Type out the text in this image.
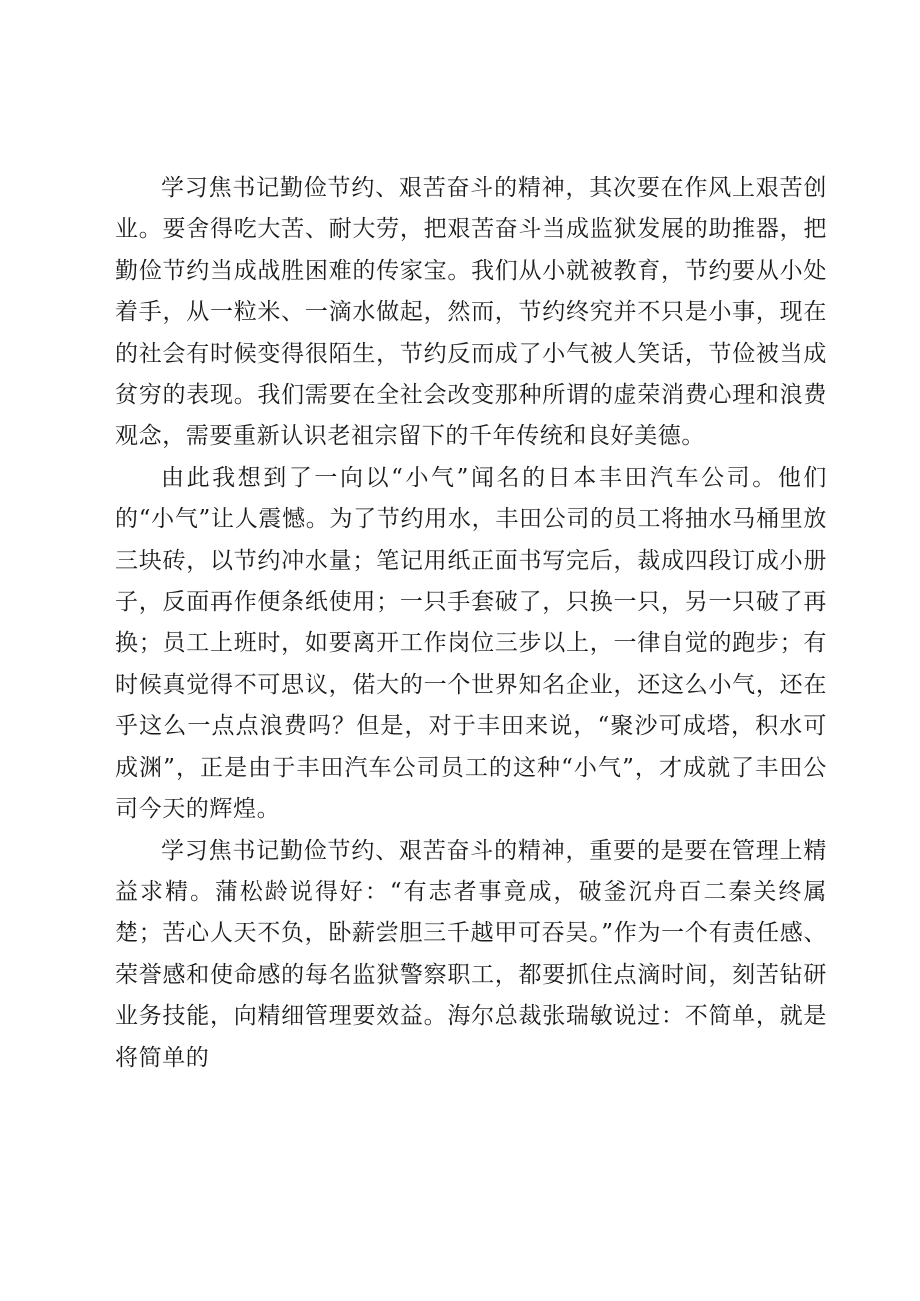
学习焦书记勤俭节约、艰苦奋斗的精神，其次要在作风上艰苦创业。要舍得吃大苦、耐大劳，把艰苦奋斗当成监狱发展的助推器，把勤俭节约当成战胜困难的传家宝。我们从小就被教育，节约要从小处着手，从一粒米、一滴水做起，然而，节约终究并不只是小事，现在的社会有时候变得很陌生，节约反而成了小气被人笑话，节俭被当成贫穷的表现。我们需要在全社会改变那种所谓的虚荣消费心理和浪费观念，需要重新认识老祖宗留下的千年传统和良好美德。

由此我想到了一向以“小气”闻名的日本丰田汽车公司。他们的“小气”让人震憾。为了节约用水，丰田公司的员工将抽水马桶里放三块砖，以节约冲水量；笔记用纸正面书写完后，裁成四段订成小册子，反面再作便条纸使用；一只手套破了，只换一只，另一只破了再换；员工上班时，如要离开工作岗位三步以上，一律自觉的跑步；有时候真觉得不可思议，偌大的一个世界知名企业，还这么小气，还在乎这么一点点浪费吗？但是，对于丰田来说，“聚沙可成塔，积水可成渊”，正是由于丰田汽车公司员工的这种“小气”，才成就了丰田公司今天的辉煌。

学习焦书记勤俭节约、艰苦奋斗的精神，重要的是要在管理上精益求精。蒲松龄说得好：“有志者事竟成，破釜沉舟百二秦关终属楚；苦心人天不负，卧薪尝胆三千越甲可吞吴。”作为一个有责任感、荣誉感和使命感的每名监狱警察职工，都要抓住点滴时间，刻苦钻研业务技能，向精细管理要效益。海尔总裁张瑞敏说过：不简单，就是将简单的
